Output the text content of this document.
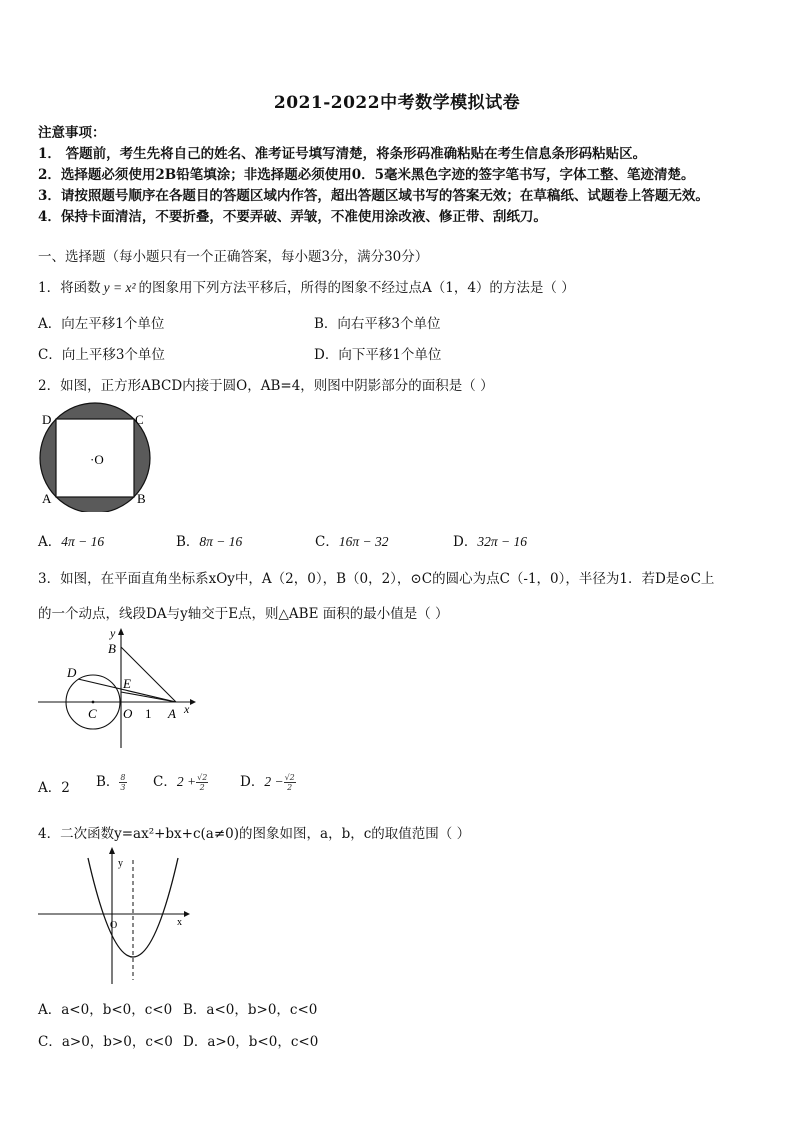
2021-2022中考数学模拟试卷
注意事项：
1． 答题前，考生先将自己的姓名、准考证号填写清楚，将条形码准确粘贴在考生信息条形码粘贴区。
2．选择题必须使用2B铅笔填涂；非选择题必须使用0．5毫米黑色字迹的签字笔书写，字体工整、笔迹清楚。
3．请按照题号顺序在各题目的答题区域内作答，超出答题区域书写的答案无效；在草稿纸、试题卷上答题无效。
4．保持卡面清洁，不要折叠，不要弄破、弄皱，不准使用涂改液、修正带、刮纸刀。
一、选择题（每小题只有一个正确答案，每小题3分，满分30分）
1．将函数 y = x² 的图象用下列方法平移后，所得的图象不经过点A（1，4）的方法是（ ）
A．向左平移1个单位	B．向右平移3个单位
C．向上平移3个单位	D．向下平移1个单位
2．如图，正方形ABCD内接于圆O，AB=4，则图中阴影部分的面积是（ ）
D	C
A	B
·O
A．4π − 16	B．8π − 16	C．16π − 32	D．32π − 16
3．如图，在平面直角坐标系xOy中，A（2，0），B（0，2），⊙C的圆心为点C（-1，0），半径为1．若D是⊙C上
的一个动点，线段DA与y轴交于E点，则△ABE 面积的最小值是（ ）
y
x
B
D
E
C O 1 A
A．2 B． $\frac{8}{3}$ C．$2 + \frac{√2}{2}$ D．$2 - \frac{√2}{2}$
4．二次函数y=ax²+bx+c(a≠0)的图象如图，a，b，c的取值范围（ ）
y
x
O
A．a<0，b<0，c<0 B．a<0，b>0，c<0
C．a>0，b>0，c<0 D．a>0，b<0，c<0
